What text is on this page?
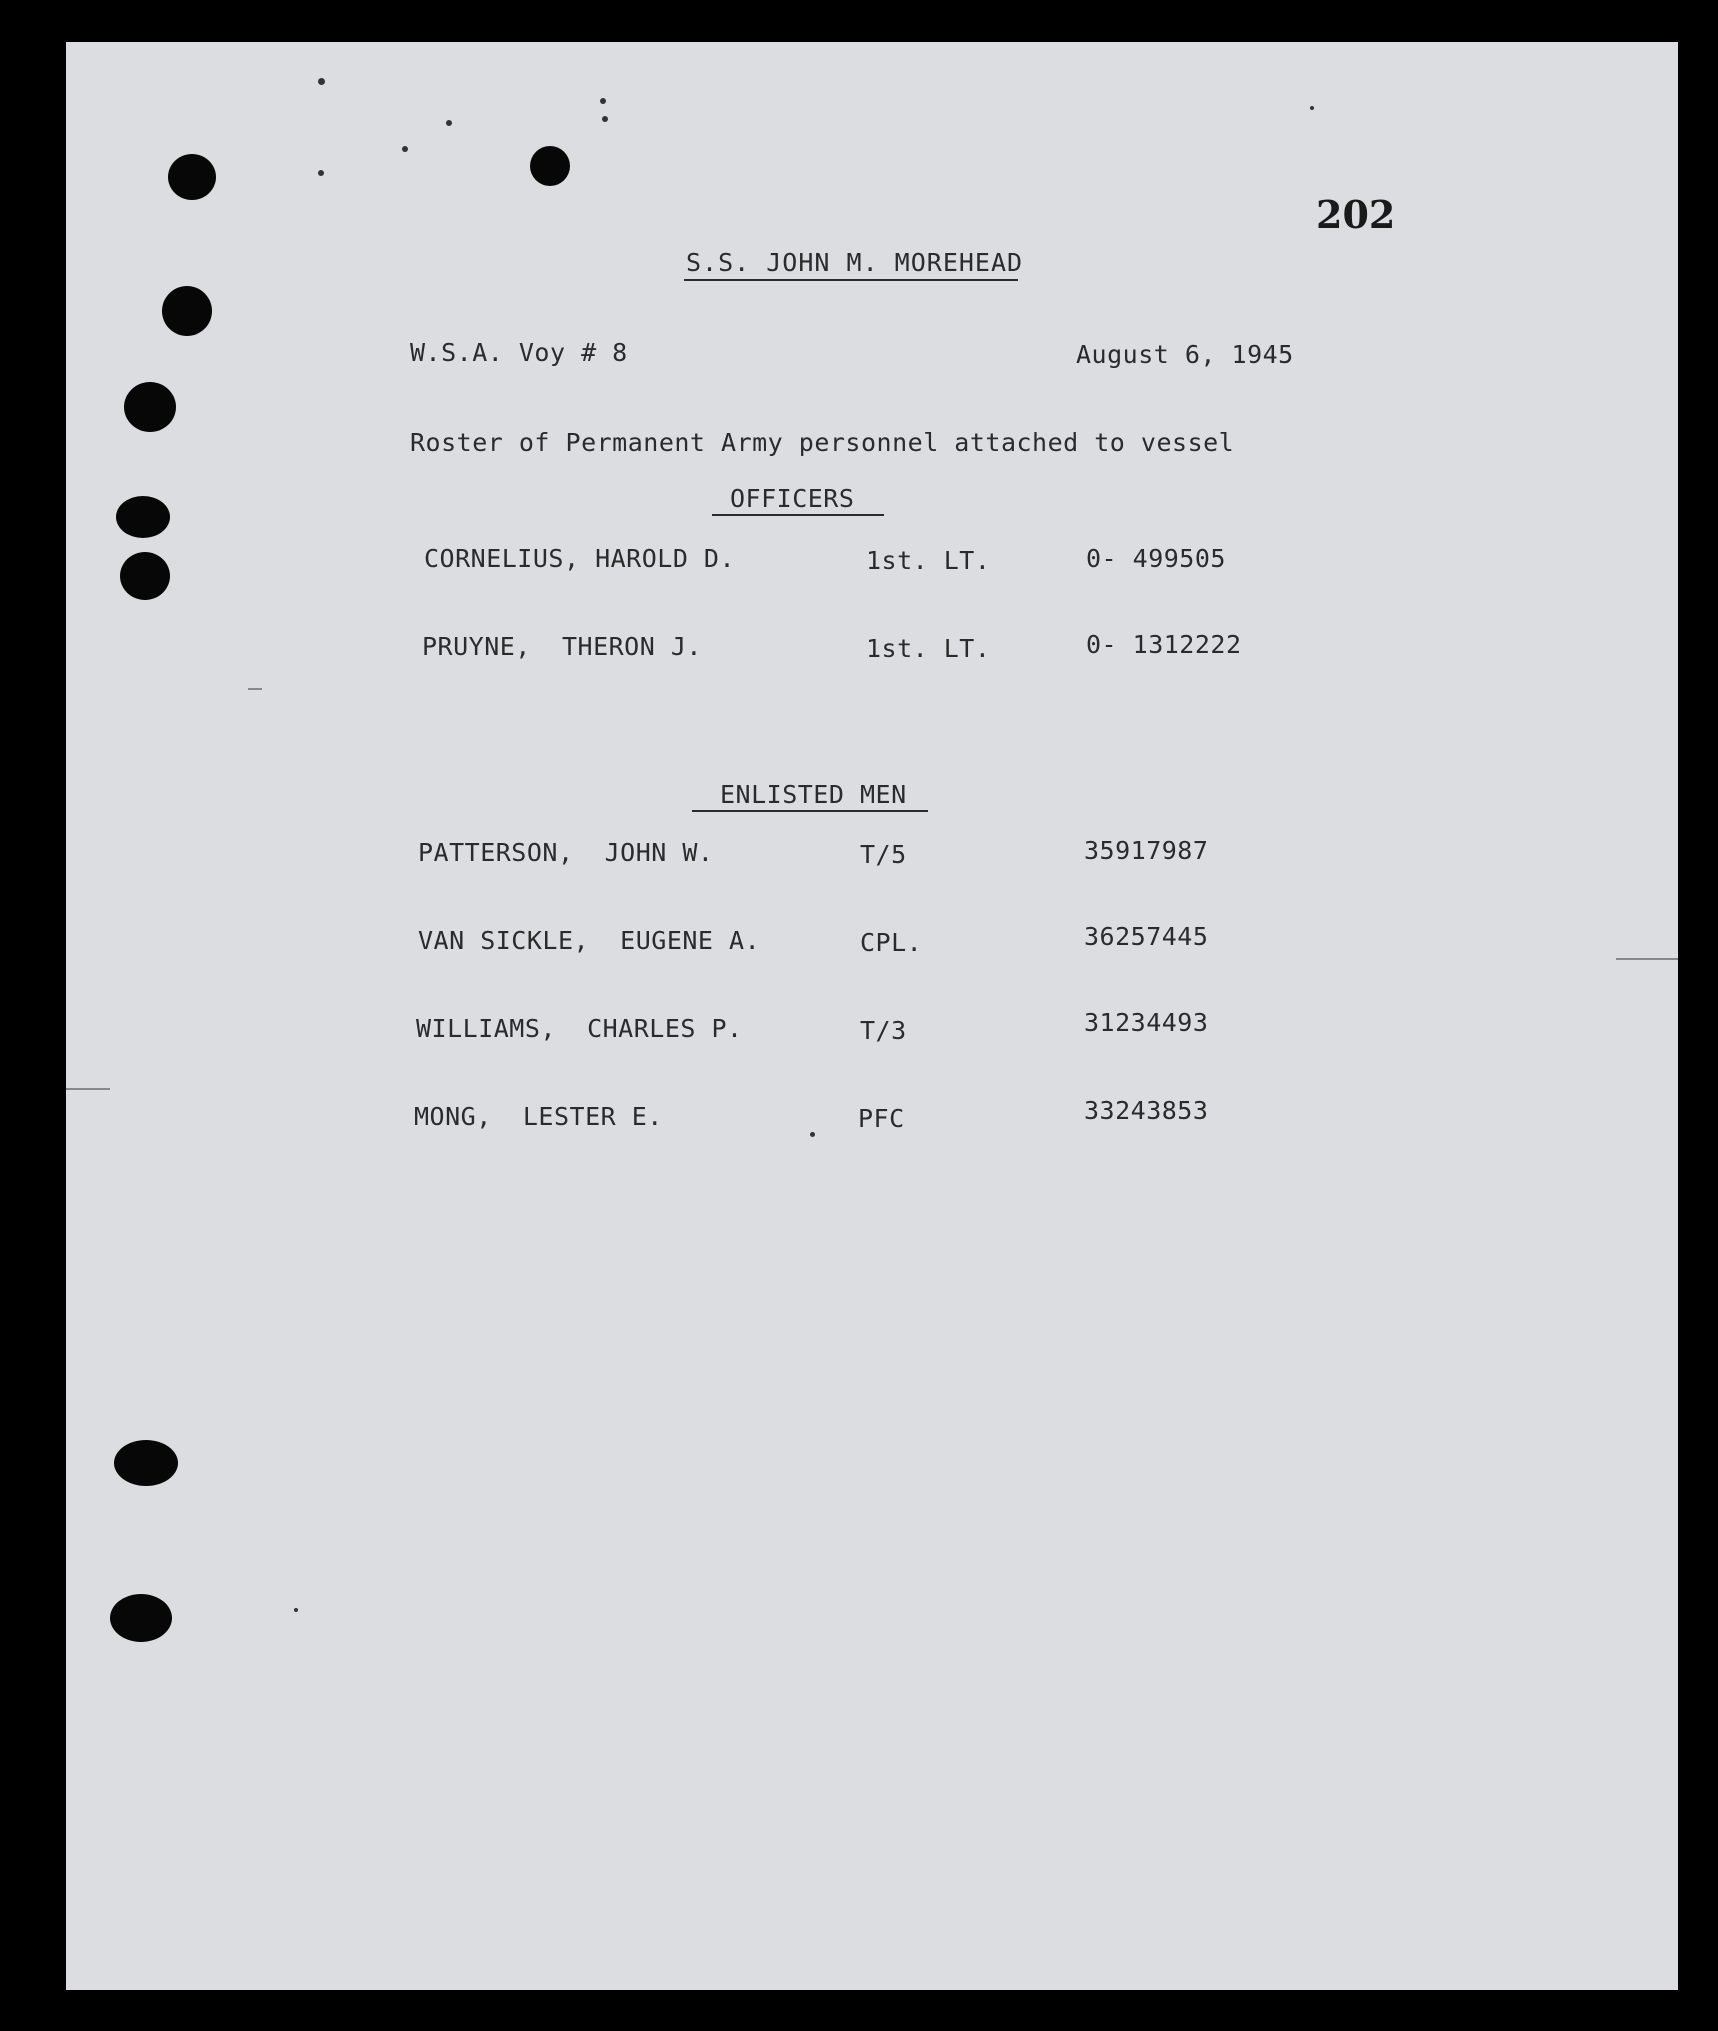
202
S.S. JOHN M. MOREHEAD
W.S.A. Voy # 8	August 6, 1945
Roster of Permanent Army personnel attached to vessel
OFFICERS
CORNELIUS, HAROLD D.	1st. LT.	0- 499505
PRUYNE,  THERON J.	1st. LT.	0- 1312222
ENLISTED MEN
PATTERSON,  JOHN W.	T/5	35917987
VAN SICKLE,  EUGENE A.	CPL.	36257445
WILLIAMS,  CHARLES P.	T/3	31234493
MONG,  LESTER E.	PFC	33243853
